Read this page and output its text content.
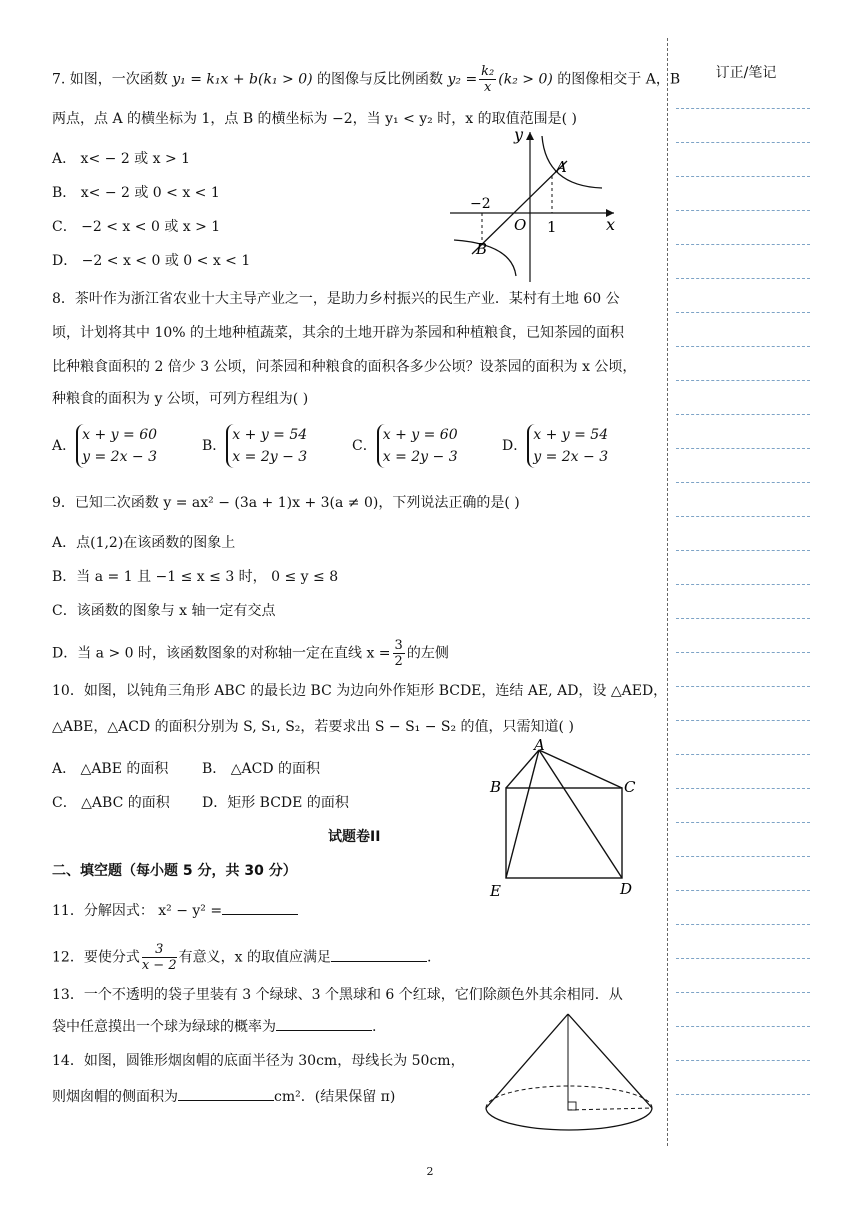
7. 如图，一次函数 y₁ = k₁x + b(k₁ > 0) 的图像与反比例函数 $y_2 = \frac{\text{k₂}}{x} (k_2 > 0)$ 的图像相交于 A，B
两点，点 A 的横坐标为 1，点 B 的横坐标为 −2，当 y₁ < y₂ 时，x 的取值范围是( )
A． x< − 2 或 x > 1
B． x< − 2 或 0 < x < 1
C． −2 < x < 0 或 x > 1
D． −2 < x < 0 或 0 < x < 1
y
x
O
A
B
−2
1
8．茶叶作为浙江省农业十大主导产业之一，是助力乡村振兴的民生产业．某村有土地 60 公
顷，计划将其中 10% 的土地种植蔬菜，其余的土地开辟为茶园和种植粮食，已知茶园的面积
比种粮食面积的 2 倍少 3 公顷，问茶园和种粮食的面积各多少公顷？设茶园的面积为 x 公顷，
种粮食的面积为 y 公顷，可列方程组为( )
A．
x + y = 60
y = 2x − 3
B．
x + y = 54
x = 2y − 3
C．
x + y = 60
x = 2y − 3
D．
x + y = 54
y = 2x − 3
9．已知二次函数 y = ax² − (3a + 1)x + 3(a ≠ 0)，下列说法正确的是( )
A．点(1,2)在该函数的图象上
B．当 a = 1 且 −1 ≤ x ≤ 3 时， 0 ≤ y ≤ 8
C．该函数的图象与 x 轴一定有交点
D．当 a > 0 时，该函数图象的对称轴一定在直线 $x = \frac{3}{2}$ 的左侧
10．如图，以钝角三角形 ABC 的最长边 BC 为边向外作矩形 BCDE，连结 AE, AD，设 △AED，
△ABE，△ACD 的面积分别为 S, S₁, S₂，若要求出 S − S₁ − S₂ 的值，只需知道( )
A． △ABE 的面积 B． △ACD 的面积
C． △ABC 的面积 D．矩形 BCDE 的面积
A
B	C
D
E
试题卷II
二、填空题（每小题 5 分，共 30 分）
11．分解因式： x² − y² =
12．要使分式 $\frac{3}{x - 2}$ 有意义，x 的取值应满足	.
13．一个不透明的袋子里装有 3 个绿球、3 个黑球和 6 个红球，它们除颜色外其余相同．从
袋中任意摸出一个球为绿球的概率为	.
14．如图，圆锥形烟囱帽的底面半径为 30cm，母线长为 50cm，
则烟囱帽的侧面积为	cm²．(结果保留 π)
订正/笔记
2
